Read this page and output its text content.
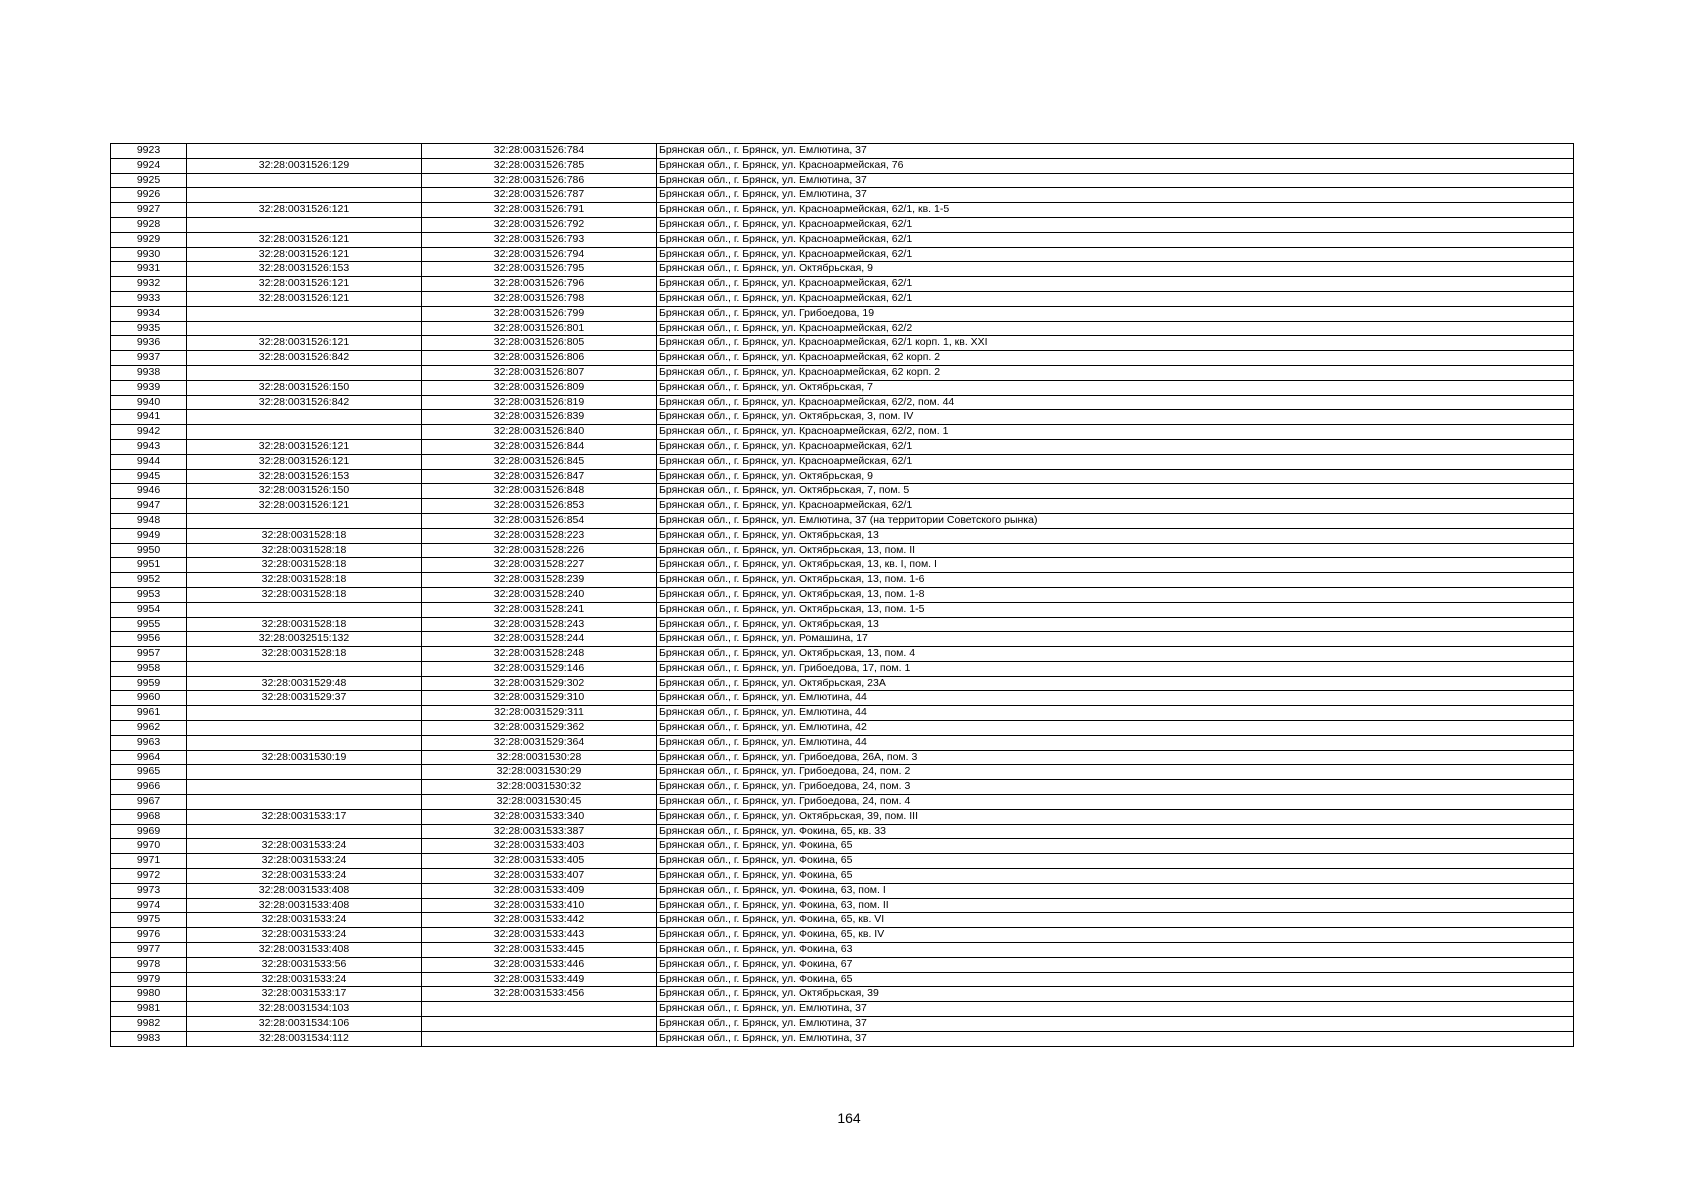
9923		32:28:0031526:784	Брянская обл., г. Брянск, ул. Емлютина, 37
9924	32:28:0031526:129	32:28:0031526:785	Брянская обл., г. Брянск, ул. Красноармейская, 76
9925		32:28:0031526:786	Брянская обл., г. Брянск, ул. Емлютина, 37
9926		32:28:0031526:787	Брянская обл., г. Брянск, ул. Емлютина, 37
9927	32:28:0031526:121	32:28:0031526:791	Брянская обл., г. Брянск, ул. Красноармейская, 62/1, кв. 1-5
9928		32:28:0031526:792	Брянская обл., г. Брянск, ул. Красноармейская, 62/1
9929	32:28:0031526:121	32:28:0031526:793	Брянская обл., г. Брянск, ул. Красноармейская, 62/1
9930	32:28:0031526:121	32:28:0031526:794	Брянская обл., г. Брянск, ул. Красноармейская, 62/1
9931	32:28:0031526:153	32:28:0031526:795	Брянская обл., г. Брянск, ул. Октябрьская, 9
9932	32:28:0031526:121	32:28:0031526:796	Брянская обл., г. Брянск, ул. Красноармейская, 62/1
9933	32:28:0031526:121	32:28:0031526:798	Брянская обл., г. Брянск, ул. Красноармейская, 62/1
9934		32:28:0031526:799	Брянская обл., г. Брянск, ул. Грибоедова, 19
9935		32:28:0031526:801	Брянская обл., г. Брянск, ул. Красноармейская, 62/2
9936	32:28:0031526:121	32:28:0031526:805	Брянская обл., г. Брянск, ул. Красноармейская, 62/1 корп. 1, кв. XXI
9937	32:28:0031526:842	32:28:0031526:806	Брянская обл., г. Брянск, ул. Красноармейская, 62 корп. 2
9938		32:28:0031526:807	Брянская обл., г. Брянск, ул. Красноармейская, 62 корп. 2
9939	32:28:0031526:150	32:28:0031526:809	Брянская обл., г. Брянск, ул. Октябрьская, 7
9940	32:28:0031526:842	32:28:0031526:819	Брянская обл., г. Брянск, ул. Красноармейская, 62/2, пом. 44
9941		32:28:0031526:839	Брянская обл., г. Брянск, ул. Октябрьская, 3, пом. IV
9942		32:28:0031526:840	Брянская обл., г. Брянск, ул. Красноармейская, 62/2, пом. 1
9943	32:28:0031526:121	32:28:0031526:844	Брянская обл., г. Брянск, ул. Красноармейская, 62/1
9944	32:28:0031526:121	32:28:0031526:845	Брянская обл., г. Брянск, ул. Красноармейская, 62/1
9945	32:28:0031526:153	32:28:0031526:847	Брянская обл., г. Брянск, ул. Октябрьская, 9
9946	32:28:0031526:150	32:28:0031526:848	Брянская обл., г. Брянск, ул. Октябрьская, 7, пом. 5
9947	32:28:0031526:121	32:28:0031526:853	Брянская обл., г. Брянск, ул. Красноармейская, 62/1
9948		32:28:0031526:854	Брянская обл., г. Брянск, ул. Емлютина, 37 (на территории Советского рынка)
9949	32:28:0031528:18	32:28:0031528:223	Брянская обл., г. Брянск, ул. Октябрьская, 13
9950	32:28:0031528:18	32:28:0031528:226	Брянская обл., г. Брянск, ул. Октябрьская, 13, пом. II
9951	32:28:0031528:18	32:28:0031528:227	Брянская обл., г. Брянск, ул. Октябрьская, 13, кв. I, пом. I
9952	32:28:0031528:18	32:28:0031528:239	Брянская обл., г. Брянск, ул. Октябрьская, 13, пом. 1-6
9953	32:28:0031528:18	32:28:0031528:240	Брянская обл., г. Брянск, ул. Октябрьская, 13, пом. 1-8
9954		32:28:0031528:241	Брянская обл., г. Брянск, ул. Октябрьская, 13, пом. 1-5
9955	32:28:0031528:18	32:28:0031528:243	Брянская обл., г. Брянск, ул. Октябрьская, 13
9956	32:28:0032515:132	32:28:0031528:244	Брянская обл., г. Брянск, ул. Ромашина, 17
9957	32:28:0031528:18	32:28:0031528:248	Брянская обл., г. Брянск, ул. Октябрьская, 13, пом. 4
9958		32:28:0031529:146	Брянская обл., г. Брянск, ул. Грибоедова, 17, пом. 1
9959	32:28:0031529:48	32:28:0031529:302	Брянская обл., г. Брянск, ул. Октябрьская, 23А
9960	32:28:0031529:37	32:28:0031529:310	Брянская обл., г. Брянск, ул. Емлютина, 44
9961		32:28:0031529:311	Брянская обл., г. Брянск, ул. Емлютина, 44
9962		32:28:0031529:362	Брянская обл., г. Брянск, ул. Емлютина, 42
9963		32:28:0031529:364	Брянская обл., г. Брянск, ул. Емлютина, 44
9964	32:28:0031530:19	32:28:0031530:28	Брянская обл., г. Брянск, ул. Грибоедова, 26А, пом. 3
9965		32:28:0031530:29	Брянская обл., г. Брянск, ул. Грибоедова, 24, пом. 2
9966		32:28:0031530:32	Брянская обл., г. Брянск, ул. Грибоедова, 24, пом. 3
9967		32:28:0031530:45	Брянская обл., г. Брянск, ул. Грибоедова, 24, пом. 4
9968	32:28:0031533:17	32:28:0031533:340	Брянская обл., г. Брянск, ул. Октябрьская, 39, пом. III
9969		32:28:0031533:387	Брянская обл., г. Брянск, ул. Фокина, 65, кв. 33
9970	32:28:0031533:24	32:28:0031533:403	Брянская обл., г. Брянск, ул. Фокина, 65
9971	32:28:0031533:24	32:28:0031533:405	Брянская обл., г. Брянск, ул. Фокина, 65
9972	32:28:0031533:24	32:28:0031533:407	Брянская обл., г. Брянск, ул. Фокина, 65
9973	32:28:0031533:408	32:28:0031533:409	Брянская обл., г. Брянск, ул. Фокина, 63, пом. I
9974	32:28:0031533:408	32:28:0031533:410	Брянская обл., г. Брянск, ул. Фокина, 63, пом. II
9975	32:28:0031533:24	32:28:0031533:442	Брянская обл., г. Брянск, ул. Фокина, 65, кв. VI
9976	32:28:0031533:24	32:28:0031533:443	Брянская обл., г. Брянск, ул. Фокина, 65, кв. IV
9977	32:28:0031533:408	32:28:0031533:445	Брянская обл., г. Брянск, ул. Фокина, 63
9978	32:28:0031533:56	32:28:0031533:446	Брянская обл., г. Брянск, ул. Фокина, 67
9979	32:28:0031533:24	32:28:0031533:449	Брянская обл., г. Брянск, ул. Фокина, 65
9980	32:28:0031533:17	32:28:0031533:456	Брянская обл., г. Брянск, ул. Октябрьская, 39
9981	32:28:0031534:103		Брянская обл., г. Брянск, ул. Емлютина, 37
9982	32:28:0031534:106		Брянская обл., г. Брянск, ул. Емлютина, 37
9983	32:28:0031534:112		Брянская обл., г. Брянск, ул. Емлютина, 37
164
